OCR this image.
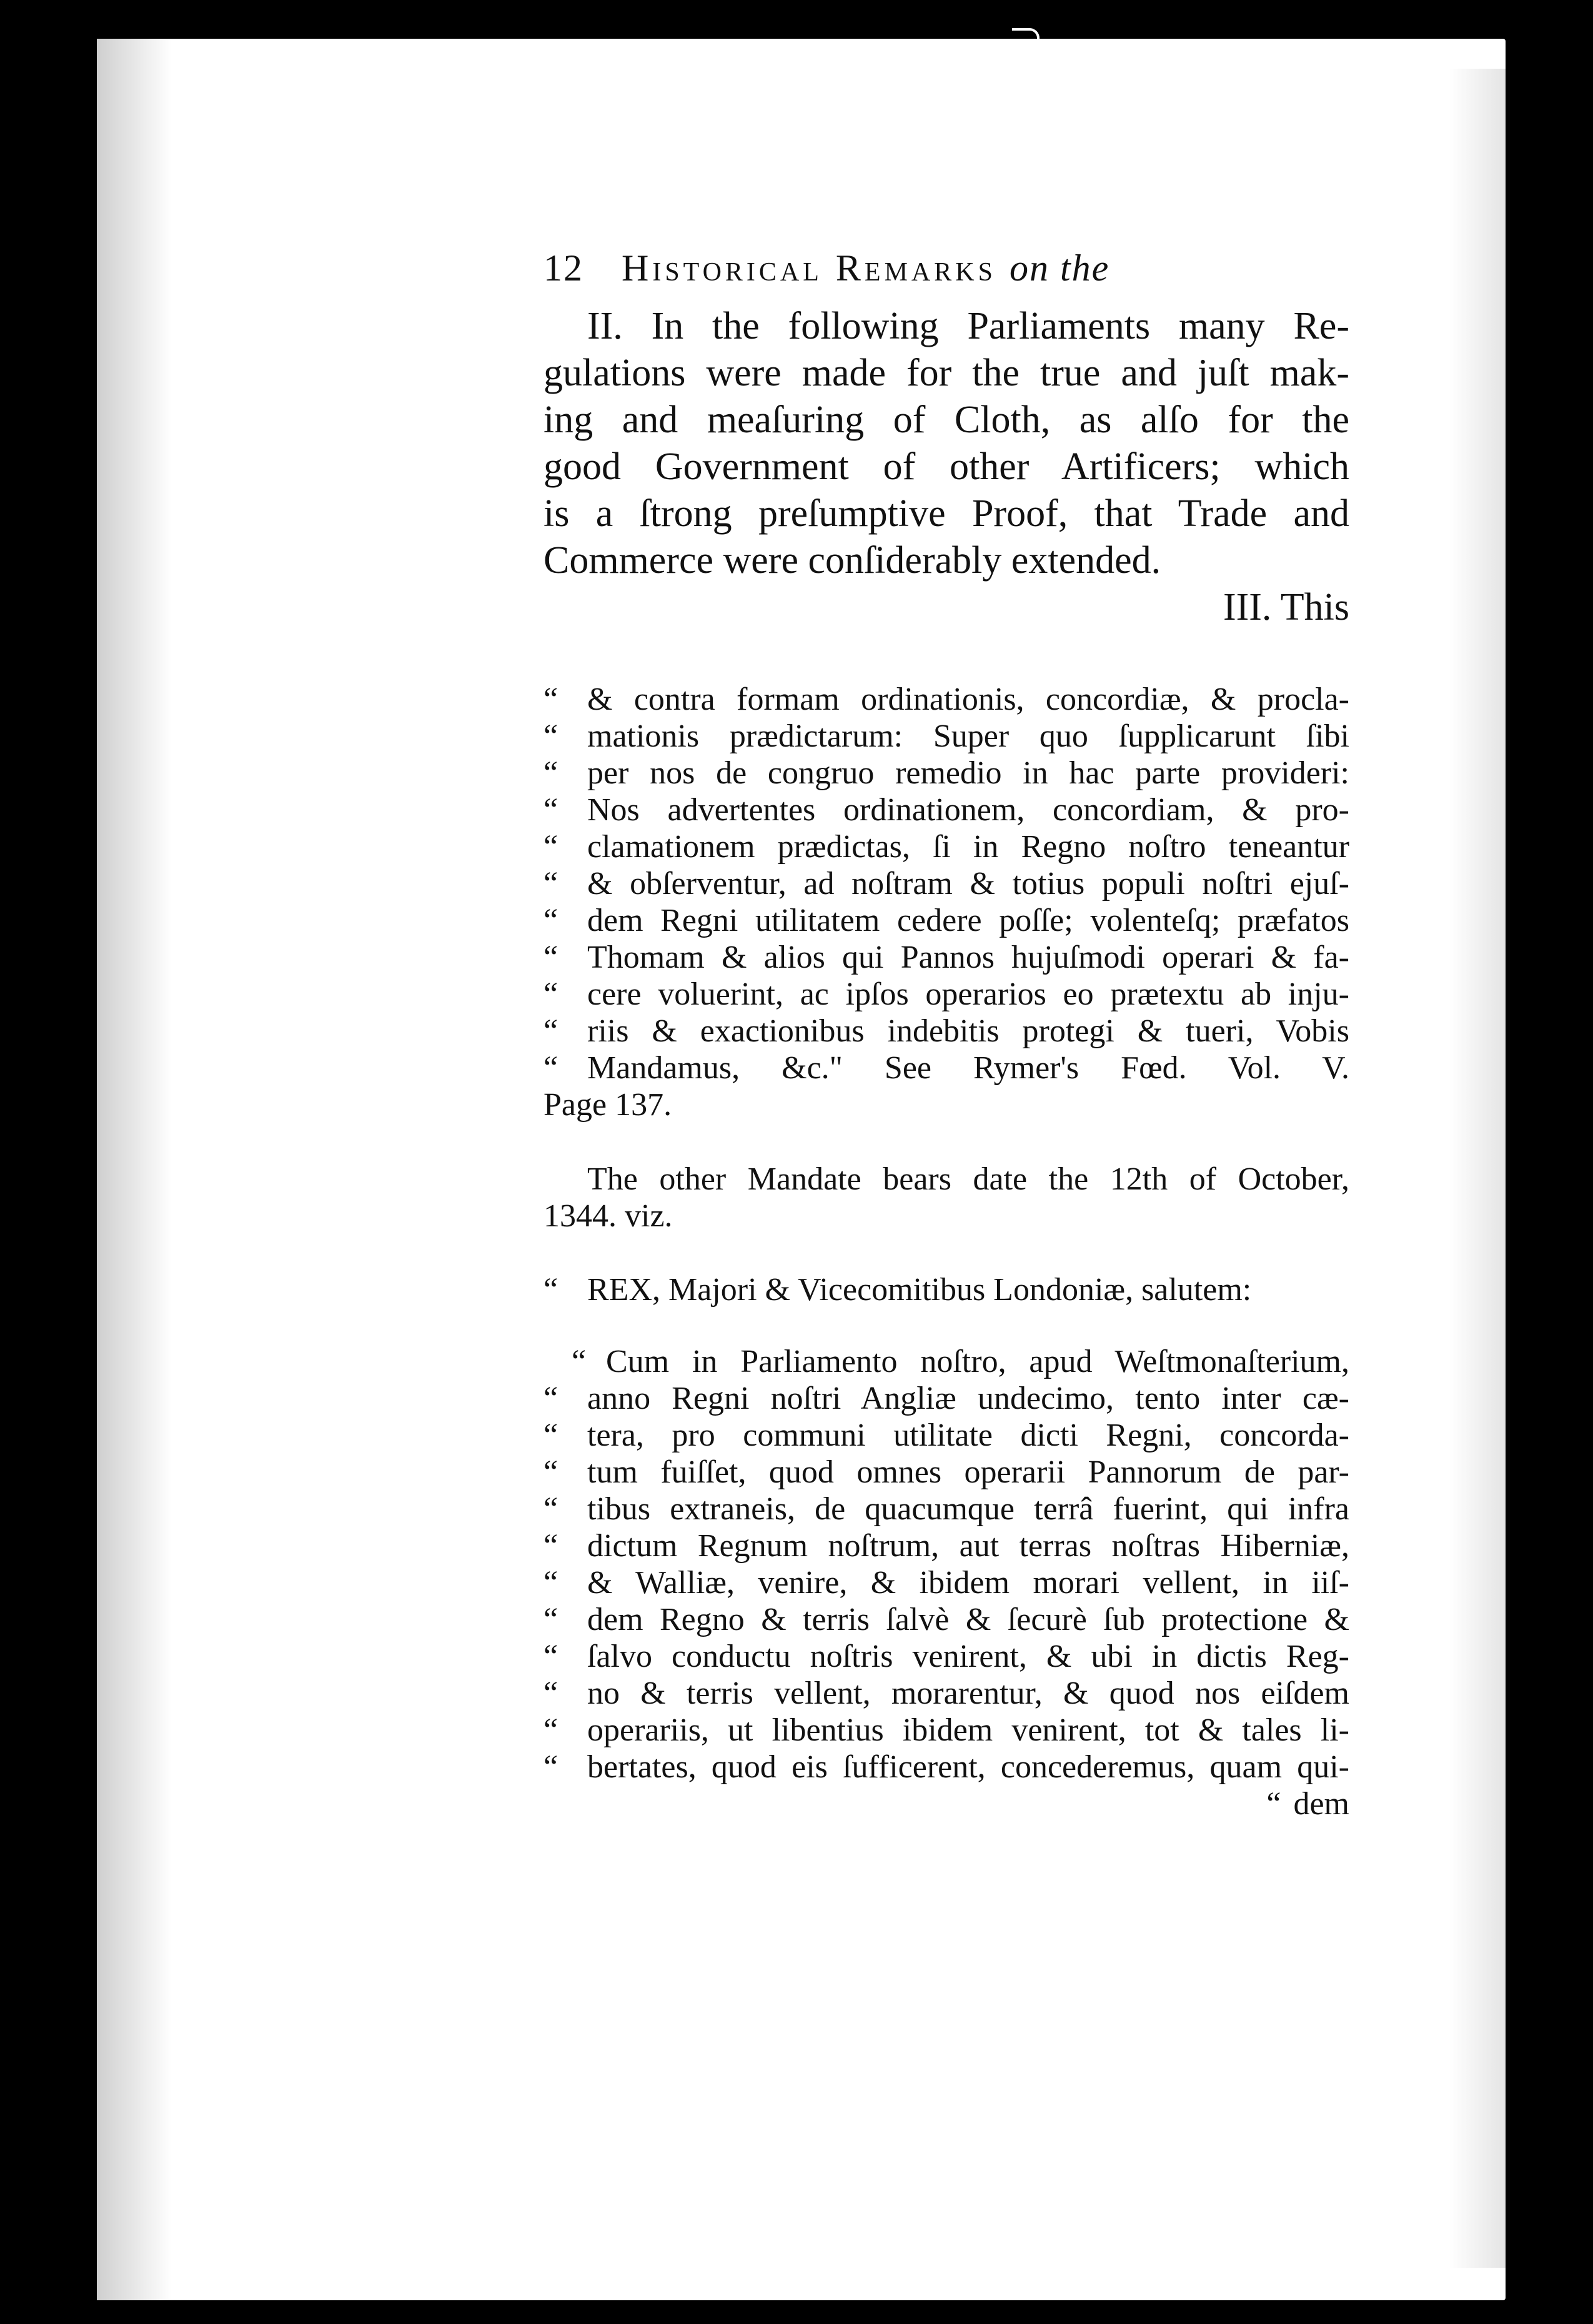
12 Historical Remarks on the
II. In the following Parliaments many Re-
gulations were made for the true and juſt mak-
ing and meaſuring of Cloth, as alſo for the
good Government of other Artificers; which
is a ſtrong preſumptive Proof, that Trade and
Commerce were conſiderably extended.
III. This
“ & contra formam ordinationis, concordiæ, & procla-
“ mationis prædictarum: Super quo ſupplicarunt ſibi
“ per nos de congruo remedio in hac parte provideri:
“ Nos advertentes ordinationem, concordiam, & pro-
“ clamationem prædictas, ſi in Regno noſtro teneantur
“ & obſerventur, ad noſtram & totius populi noſtri ejuſ-
“ dem Regni utilitatem cedere poſſe; volenteſq; præfatos
“ Thomam & alios qui Pannos hujuſmodi operari & fa-
“ cere voluerint, ac ipſos operarios eo prætextu ab inju-
“ riis & exactionibus indebitis protegi & tueri, Vobis
“ Mandamus, &c." See Rymer's Fœd. Vol. V.
Page 137.
The other Mandate bears date the 12th of October,
1344. viz.
“ REX, Majori & Vicecomitibus Londoniæ, salutem:
“ Cum in Parliamento noſtro, apud Weſtmonaſterium,
“ anno Regni noſtri Angliæ undecimo, tento inter cæ-
“ tera, pro communi utilitate dicti Regni, concorda-
“ tum fuiſſet, quod omnes operarii Pannorum de par-
“ tibus extraneis, de quacumque terrâ fuerint, qui infra
“ dictum Regnum noſtrum, aut terras noſtras Hiberniæ,
“ & Walliæ, venire, & ibidem morari vellent, in iiſ-
“ dem Regno & terris ſalvè & ſecurè ſub protectione &
“ ſalvo conductu noſtris venirent, & ubi in dictis Reg-
“ no & terris vellent, morarentur, & quod nos eiſdem
“ operariis, ut libentius ibidem venirent, tot & tales li-
“ bertates, quod eis ſufficerent, concederemus, quam qui-
“ dem
